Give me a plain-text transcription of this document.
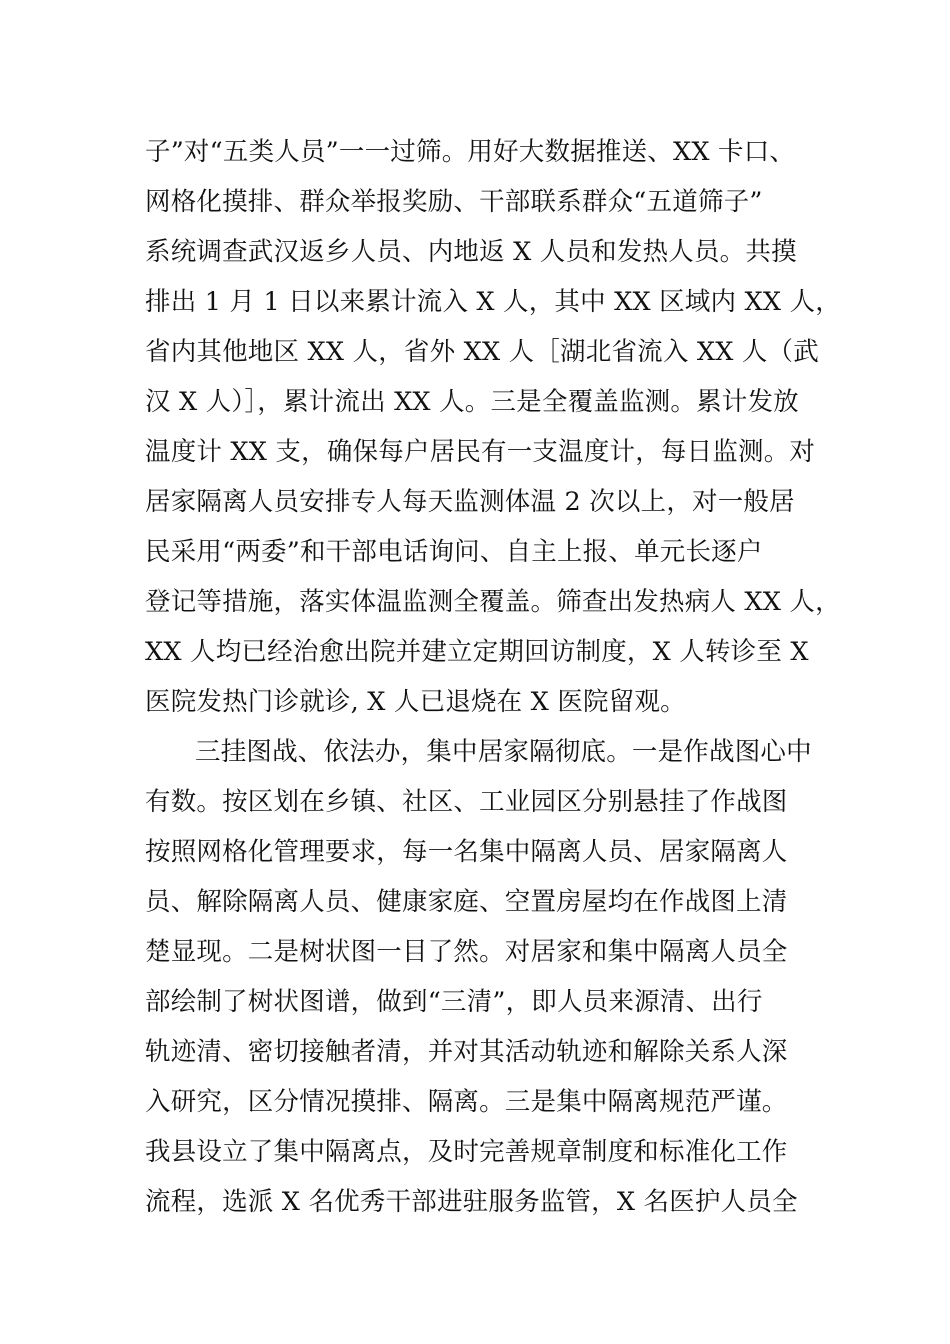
子”对“五类人员”一一过筛。用好大数据推送、XX 卡口、
网格化摸排、群众举报奖励、干部联系群众“五道筛子”
系统调查武汉返乡人员、内地返 X 人员和发热人员。共摸
排出 1 月 1 日以来累计流入 X 人，其中 XX 区域内 XX 人，
省内其他地区 XX 人，省外 XX 人［湖北省流入 XX 人（武
汉 X 人）］，累计流出 XX 人。三是全覆盖监测。累计发放
温度计 XX 支，确保每户居民有一支温度计，每日监测。对
居家隔离人员安排专人每天监测体温 2 次以上，对一般居
民采用“两委”和干部电话询问、自主上报、单元长逐户
登记等措施，落实体温监测全覆盖。筛查出发热病人 XX 人，
XX 人均已经治愈出院并建立定期回访制度，X 人转诊至 X
医院发热门诊就诊, X 人已退烧在 X 医院留观。
三挂图战、依法办，集中居家隔彻底。一是作战图心中
有数。按区划在乡镇、社区、工业园区分别悬挂了作战图
按照网格化管理要求，每一名集中隔离人员、居家隔离人
员、解除隔离人员、健康家庭、空置房屋均在作战图上清
楚显现。二是树状图一目了然。对居家和集中隔离人员全
部绘制了树状图谱，做到“三清”，即人员来源清、出行
轨迹清、密切接触者清，并对其活动轨迹和解除关系人深
入研究，区分情况摸排、隔离。三是集中隔离规范严谨。
我县设立了集中隔离点，及时完善规章制度和标准化工作
流程，选派 X 名优秀干部进驻服务监管，X 名医护人员全
